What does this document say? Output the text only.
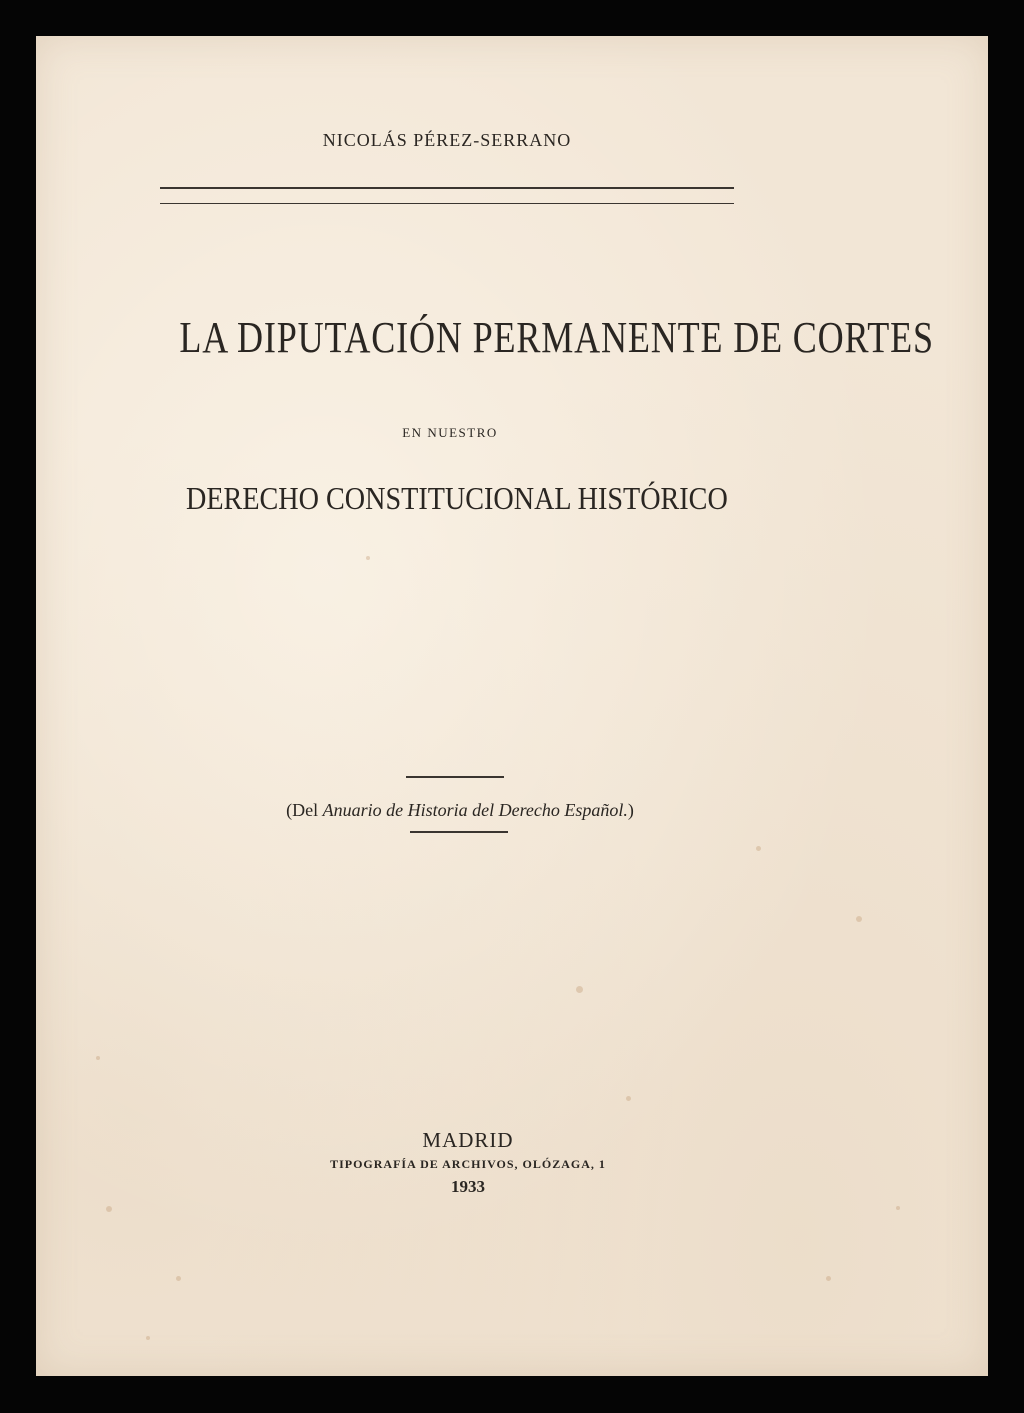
NICOLÁS PÉREZ-SERRANO
LA DIPUTACIÓN PERMANENTE DE CORTES
EN NUESTRO
DERECHO CONSTITUCIONAL HISTÓRICO
(Del Anuario de Historia del Derecho Español.)
MADRID
TIPOGRAFÍA DE ARCHIVOS, OLÓZAGA, 1
1933
